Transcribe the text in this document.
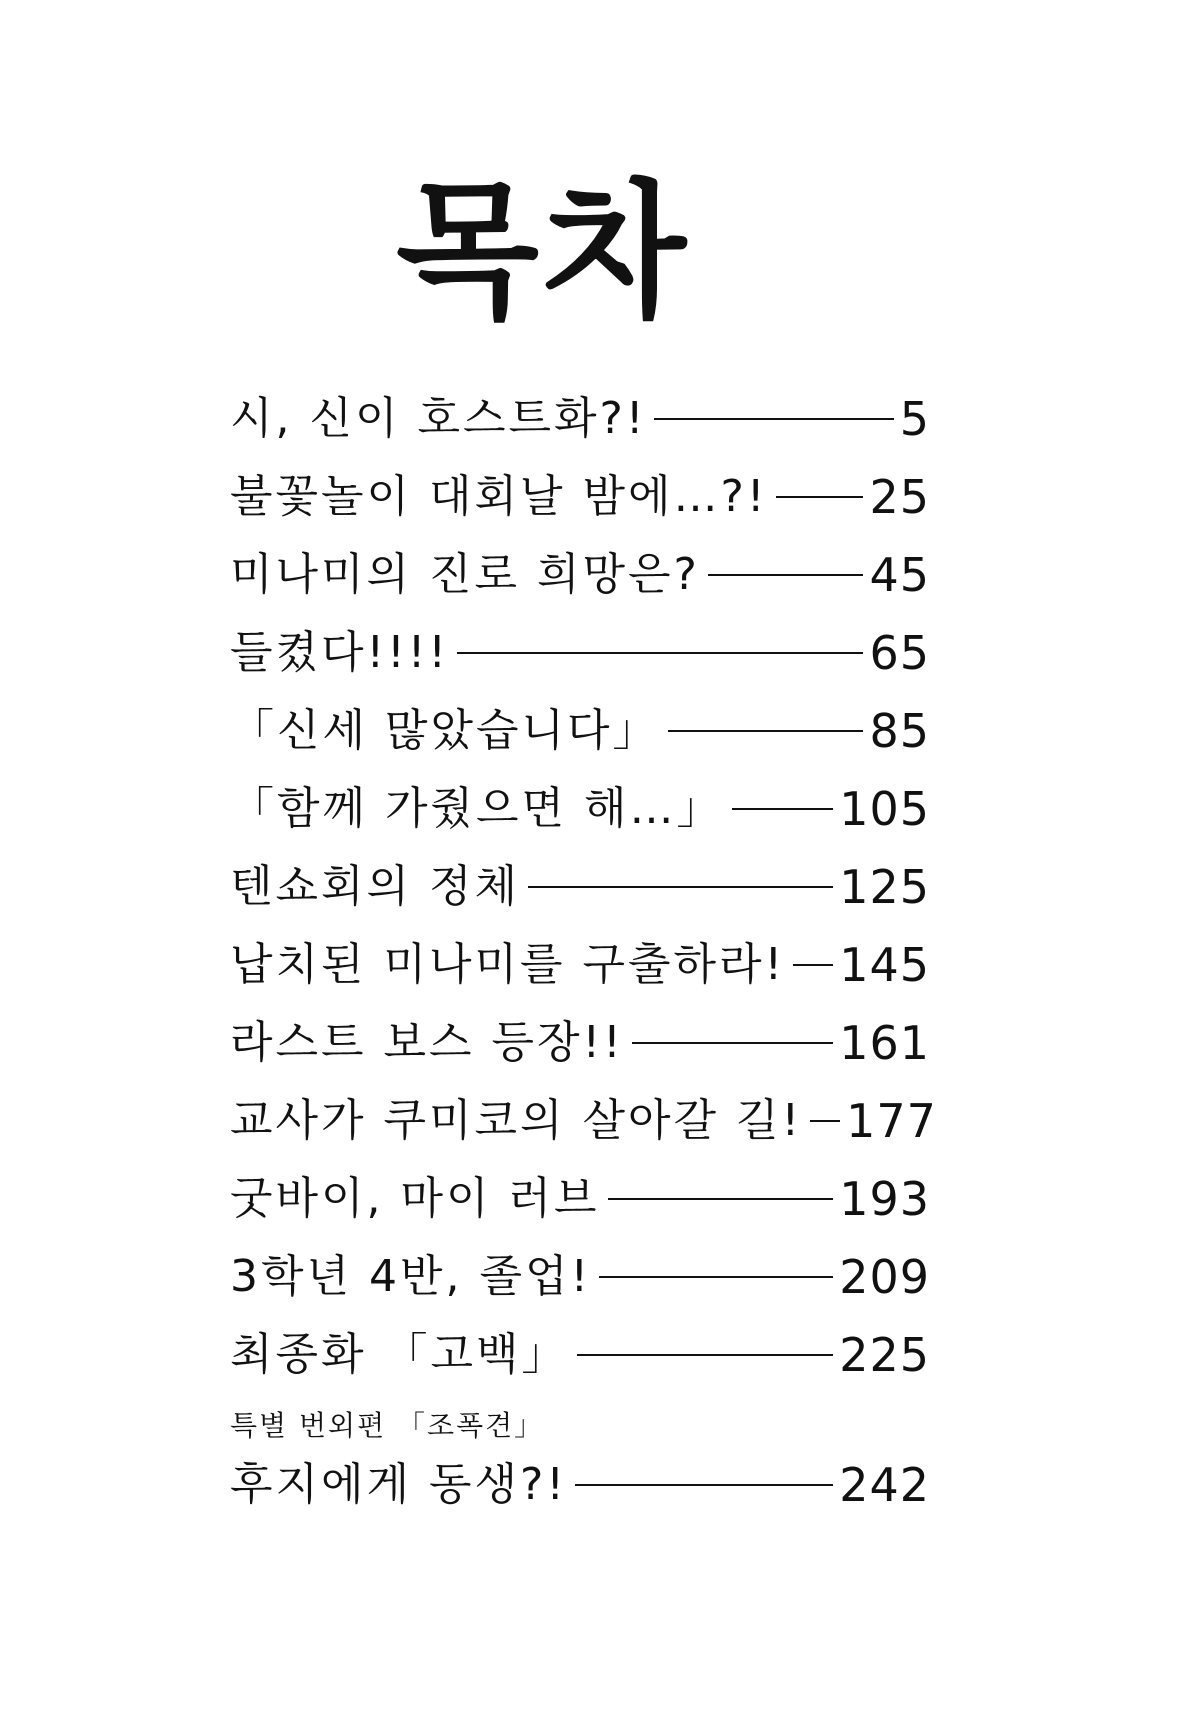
목차
시, 신이 호스트화?!	5
불꽃놀이 대회날 밤에…?! 25
미나미의 진로 희망은?	45
들켰다!!!!	65
「신세 많았습니다」	85
「함께 가줬으면 해…」	105
텐쇼회의 정체	125
납치된 미나미를 구출하라! 145
라스트 보스 등장!!	161
교사가 쿠미코의 살아갈 길! 177
굿바이, 마이 러브	193
3학년 4반, 졸업!	209
최종화 「고백」	225
특별 번외편 「조폭견」
후지에게 동생?!	242
